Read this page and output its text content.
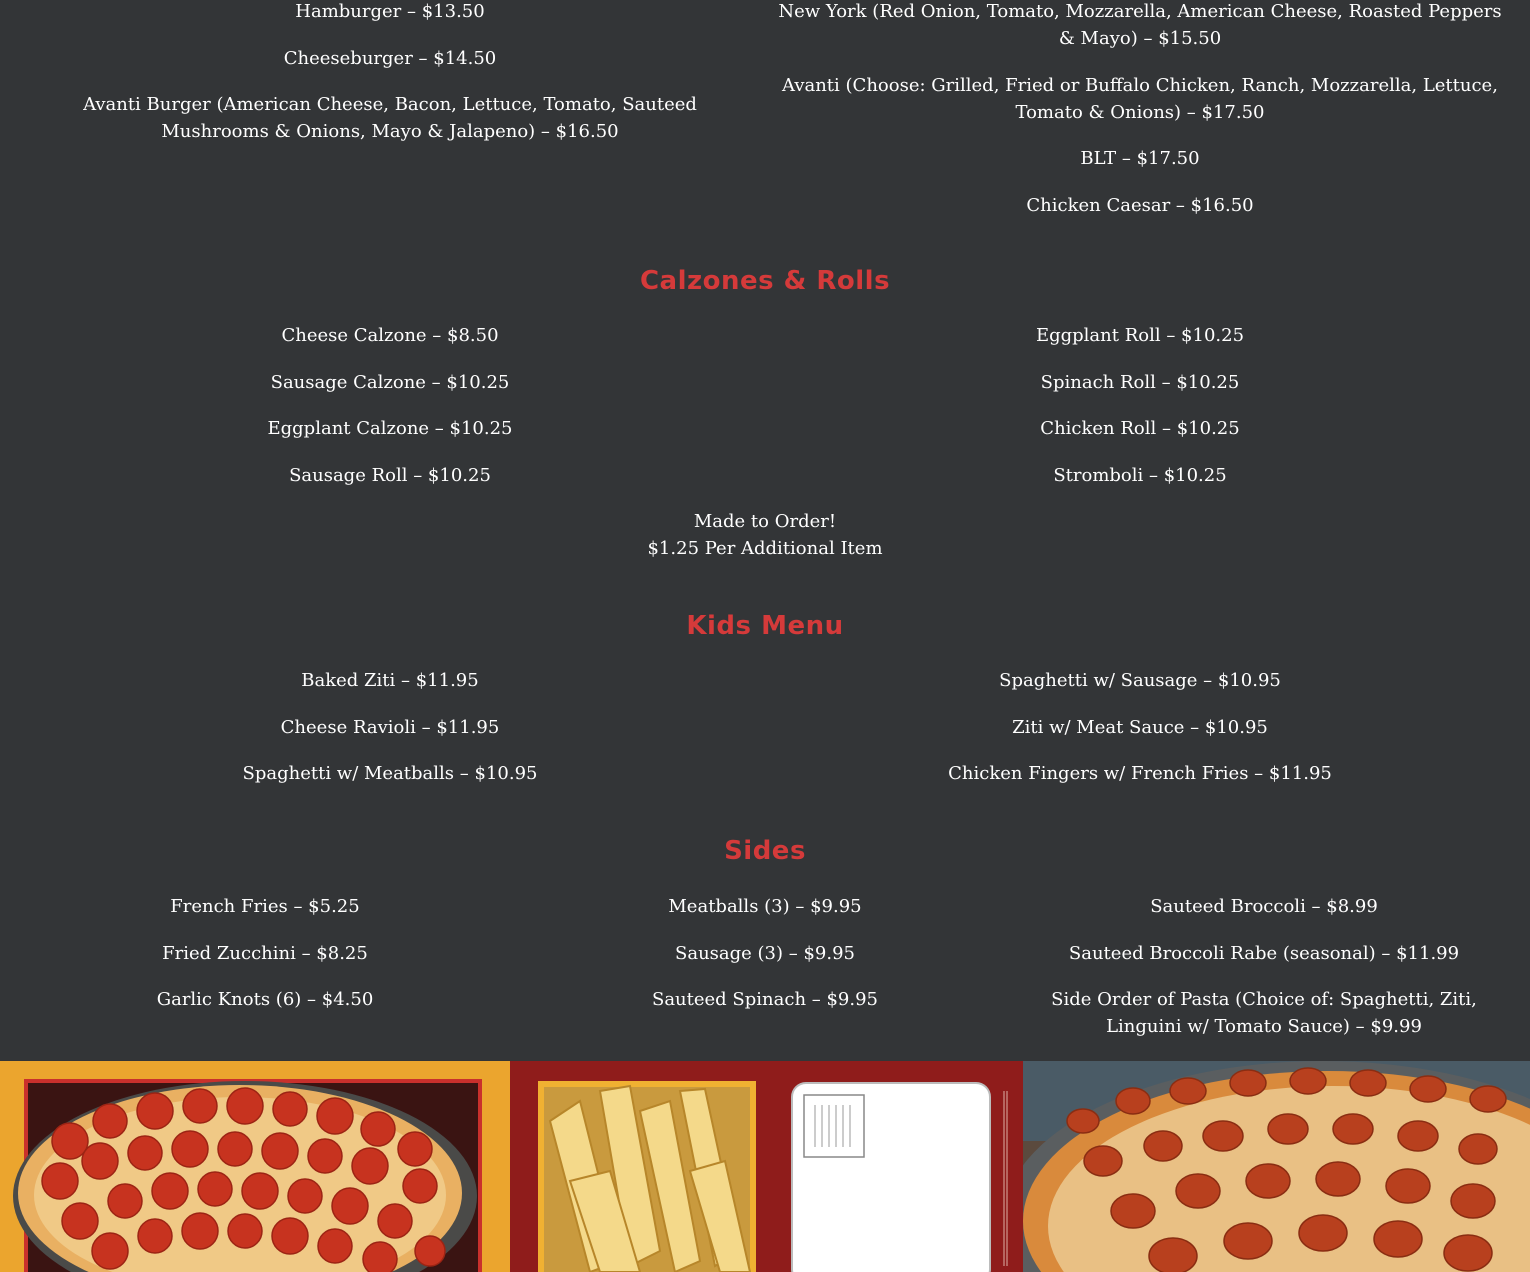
Hamburger – $13.50
Cheeseburger – $14.50
Avanti Burger (American Cheese, Bacon, Lettuce, Tomato, Sauteed Mushrooms & Onions, Mayo & Jalapeno) – $16.50
New York (Red Onion, Tomato, Mozzarella, American Cheese, Roasted Peppers & Mayo) – $15.50
Avanti (Choose: Grilled, Fried or Buffalo Chicken, Ranch, Mozzarella, Lettuce, Tomato & Onions) – $17.50
BLT – $17.50
Chicken Caesar – $16.50
Calzones & Rolls
Cheese Calzone – $8.50
Sausage Calzone – $10.25
Eggplant Calzone – $10.25
Sausage Roll – $10.25
Eggplant Roll – $10.25
Spinach Roll – $10.25
Chicken Roll – $10.25
Stromboli – $10.25
Made to Order!
$1.25 Per Additional Item
Kids Menu
Baked Ziti – $11.95
Cheese Ravioli – $11.95
Spaghetti w/ Meatballs – $10.95
Spaghetti w/ Sausage – $10.95
Ziti w/ Meat Sauce – $10.95
Chicken Fingers w/ French Fries – $11.95
Sides
French Fries – $5.25
Fried Zucchini – $8.25
Garlic Knots (6) – $4.50
Meatballs (3) – $9.95
Sausage (3) – $9.95
Sauteed Spinach – $9.95
Sauteed Broccoli – $8.99
Sauteed Broccoli Rabe (seasonal) – $11.99
Side Order of Pasta (Choice of: Spaghetti, Ziti, Linguini w/ Tomato Sauce) – $9.99
